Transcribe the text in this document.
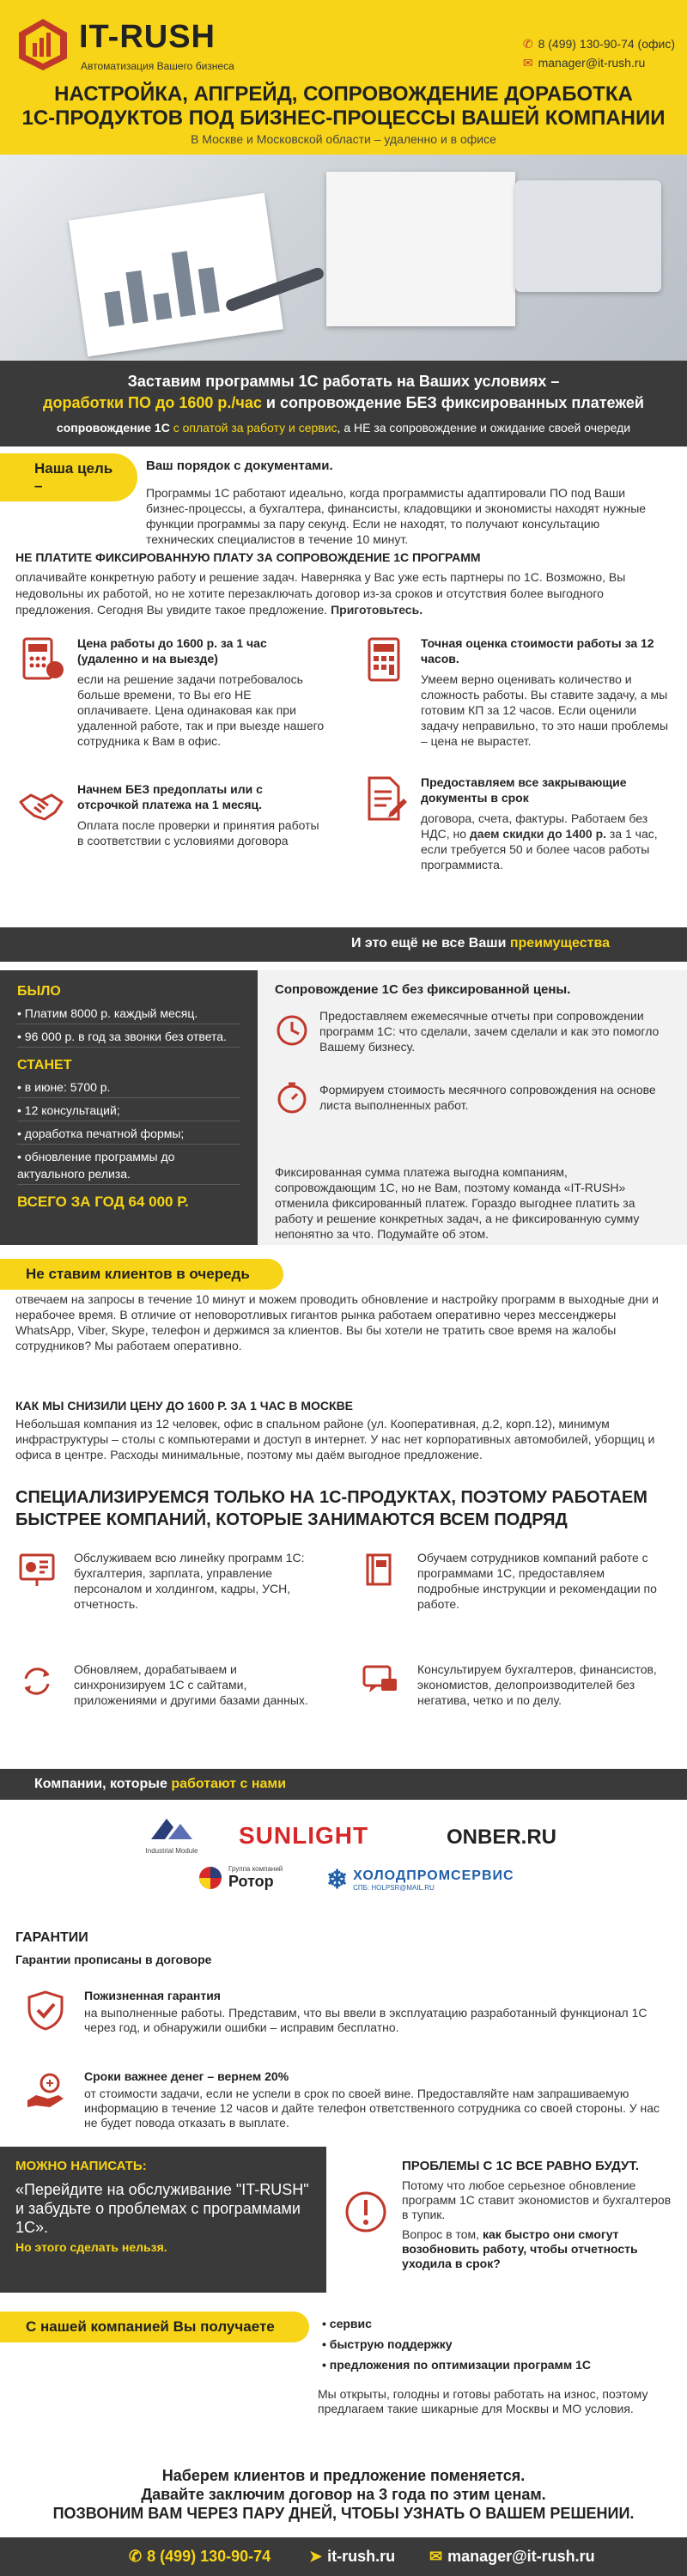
IT-RUSH
Автоматизация Вашего бизнеса
✆ 8 (499) 130-90-74 (офис)
✉ manager@it-rush.ru
НАСТРОЙКА, АПГРЕЙД, СОПРОВОЖДЕНИЕ ДОРАБОТКА
1С-ПРОДУКТОВ ПОД БИЗНЕС-ПРОЦЕССЫ ВАШЕЙ КОМПАНИИ
В Москве и Московской области – удаленно и в офисе
Заставим программы 1С работать на Ваших условиях –
доработки ПО до 1600 р./час и сопровождение БЕЗ фиксированных платежей
сопровождение 1С с оплатой за работу и сервис, а НЕ за сопровождение и ожидание своей очереди
Наша цель –
Ваш порядок с документами.
Программы 1С работают идеально, когда программисты адаптировали ПО под Ваши бизнес-процессы, а бухгалтера, финансисты, кладовщики и экономисты находят нужные функции программы за пару секунд. Если не находят, то получают консультацию технических специалистов в течение 10 минут.
НЕ ПЛАТИТЕ ФИКСИРОВАННУЮ ПЛАТУ ЗА СОПРОВОЖДЕНИЕ 1С ПРОГРАММ
оплачивайте конкретную работу и решение задач. Наверняка у Вас уже есть партнеры по 1С. Возможно, Вы недовольны их работой, но не хотите перезаключать договор из-за сроков и отсутствия более выгодного предложения. Сегодня Вы увидите такое предложение. Приготовьтесь.
Цена работы до 1600 р. за 1 час (удаленно и на выезде)
если на решение задачи потребовалось больше времени, то Вы его НЕ оплачиваете. Цена одинаковая как при удаленной работе, так и при выезде нашего сотрудника к Вам в офис.
Точная оценка стоимости работы за 12 часов.
Умеем верно оценивать количество и сложность работы. Вы ставите задачу, а мы готовим КП за 12 часов. Если оценили задачу неправильно, то это наши проблемы – цена не вырастет.
Начнем БЕЗ предоплаты или с отсрочкой платежа на 1 месяц.
Оплата после проверки и принятия работы в соответствии с условиями договора
Предоставляем все закрывающие документы в срок
договора, счета, фактуры. Работаем без НДС, но даем скидки до 1400 р. за 1 час, если требуется 50 и более часов работы программиста.
И это ещё не все Ваши преимущества
БЫЛО
• Платим 8000 р. каждый месяц.
• 96 000 р. в год за звонки без ответа.
СТАНЕТ
• в июне: 5700 р.
• 12 консультаций;
• доработка печатной формы;
• обновление программы до актуального релиза.
ВСЕГО ЗА ГОД 64 000 Р.
Сопровождение 1С без фиксированной цены.
Предоставляем ежемесячные отчеты при сопровождении программ 1С: что сделали, зачем сделали и как это помогло Вашему бизнесу.
Формируем стоимость месячного сопровождения на основе листа выполненных работ.
Фиксированная сумма платежа выгодна компаниям, сопровождающим 1С, но не Вам, поэтому команда «IT-RUSH» отменила фиксированный платеж. Гораздо выгоднее платить за работу и решение конкретных задач, а не фиксированную сумму непонятно за что. Подумайте об этом.
Не ставим клиентов в очередь
отвечаем на запросы в течение 10 минут и можем проводить обновление и настройку программ в выходные дни и нерабочее время. В отличие от неповоротливых гигантов рынка работаем оперативно через мессенджеры WhatsApp, Viber, Skype, телефон и держимся за клиентов. Вы бы хотели не тратить свое время на жалобы сотрудников? Мы работаем оперативно.
КАК МЫ СНИЗИЛИ ЦЕНУ ДО 1600 Р. ЗА 1 ЧАС В МОСКВЕ
Небольшая компания из 12 человек, офис в спальном районе (ул. Кооперативная, д.2, корп.12), минимум инфраструктуры – столы с компьютерами и доступ в интернет. У нас нет корпоративных автомобилей, уборщиц и офиса в центре. Расходы минимальные, поэтому мы даём выгодное предложение.
СПЕЦИАЛИЗИРУЕМСЯ ТОЛЬКО НА 1С-ПРОДУКТАХ, ПОЭТОМУ РАБОТАЕМ БЫСТРЕЕ КОМПАНИЙ, КОТОРЫЕ ЗАНИМАЮТСЯ ВСЕМ ПОДРЯД
Обслуживаем всю линейку программ 1С: бухгалтерия, зарплата, управление персоналом и холдингом, кадры, УСН, отчетность.
Обучаем сотрудников компаний работе с программами 1С, предоставляем подробные инструкции и рекомендации по работе.
Обновляем, дорабатываем и синхронизируем 1С с сайтами, приложениями и другими базами данных.
Консультируем бухгалтеров, финансистов, экономистов, делопроизводителей без негатива, четко и по делу.
Компании, которые работают с нами
Industrial Module
SUNLIGHT	ONBER.RU
Группа компаний
Ротор	❄ ХОЛОДПРОМСЕРВИС
СПБ: HOLPSR@MAIL.RU
ГАРАНТИИ
Гарантии прописаны в договоре
Пожизненная гарантия
на выполненные работы. Представим, что вы ввели в эксплуатацию разработанный функционал 1С через год, и обнаружили ошибки – исправим бесплатно.
Сроки важнее денег – вернем 20%
от стоимости задачи, если не успели в срок по своей вине. Предоставляйте нам запрашиваемую информацию в течение 12 часов и дайте телефон ответственного сотрудника со своей стороны. У нас не будет повода отказать в выплате.
МОЖНО НАПИСАТЬ:
«Перейдите на обслуживание "IT-RUSH" и забудьте о проблемах с программами 1С».
Но этого сделать нельзя.
ПРОБЛЕМЫ С 1С ВСЕ РАВНО БУДУТ.
Потому что любое серьезное обновление программ 1С ставит экономистов и бухгалтеров в тупик.
Вопрос в том, как быстро они смогут возобновить работу, чтобы отчетность уходила в срок?
С нашей компанией Вы получаете
•	сервис
• быструю поддержку
• предложения по оптимизации программ 1С
Мы открыты, голодны и готовы работать на износ, поэтому предлагаем такие шикарные для Москвы и МО условия.
Наберем клиентов и предложение поменяется.
Давайте заключим договор на 3 года по этим ценам.
ПОЗВОНИМ ВАМ ЧЕРЕЗ ПАРУ ДНЕЙ, ЧТОБЫ УЗНАТЬ О ВАШЕМ РЕШЕНИИ.
✆ 8 (499) 130-90-74 ➤ it-rush.ru ✉ manager@it-rush.ru
